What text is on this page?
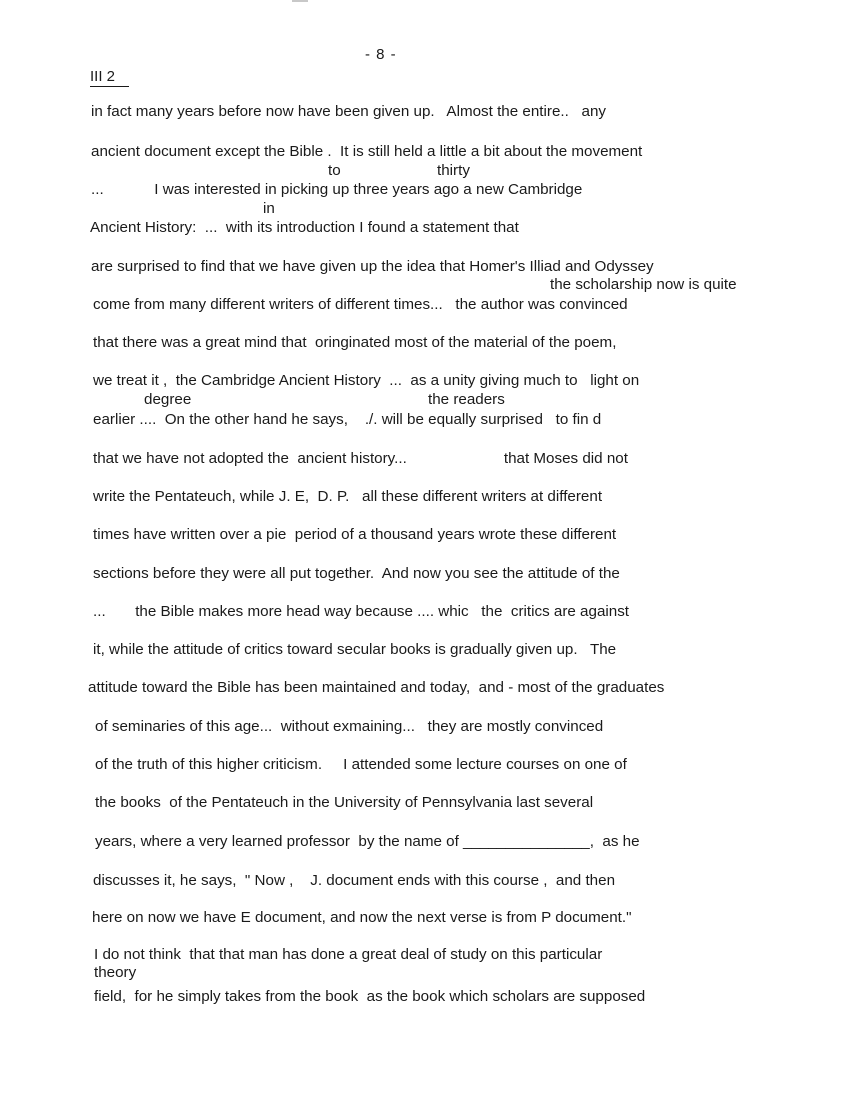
- 8 -
III 2
to	thirty
in
the scholarship now is quite
degree	the readers
theory
in fact many years before now have been given up.   Almost the entire..   any
ancient document except the Bible .  It is still held a little a bit about the movement
...            I was interested in picking up three years ago a new Cambridge
Ancient History:  ...  with its introduction I found a statement that
are surprised to find that we have given up the idea that Homer's Illiad and Odyssey
come from many different writers of different times...   the author was convinced
that there was a great mind that  oringinated most of the material of the poem,
we treat it ,  the Cambridge Ancient History  ...  as a unity giving much to   light on
earlier ....  On the other hand he says,    ./. will be equally surprised   to fin d
that we have not adopted the  ancient history...                       that Moses did not
write the Pentateuch, while J. E,  D. P.   all these different writers at different
times have written over a pie  period of a thousand years wrote these different
sections before they were all put together.  And now you see the attitude of the
...       the Bible makes more head way because .... whic   the  critics are against
it, while the attitude of critics toward secular books is gradually given up.   The
attitude toward the Bible has been maintained and today,  and - most of the graduates
of seminaries of this age...  without exmaining...   they are mostly convinced
of the truth of this higher criticism.     I attended some lecture courses on one of
the books  of the Pentateuch in the University of Pennsylvania last several
years, where a very learned professor  by the name of _______________,  as he
discusses it, he says,  " Now ,    J. document ends with this course ,  and then
here on now we have E document, and now the next verse is from P document."
I do not think  that that man has done a great deal of study on this particular
field,  for he simply takes from the book  as the book which scholars are supposed
